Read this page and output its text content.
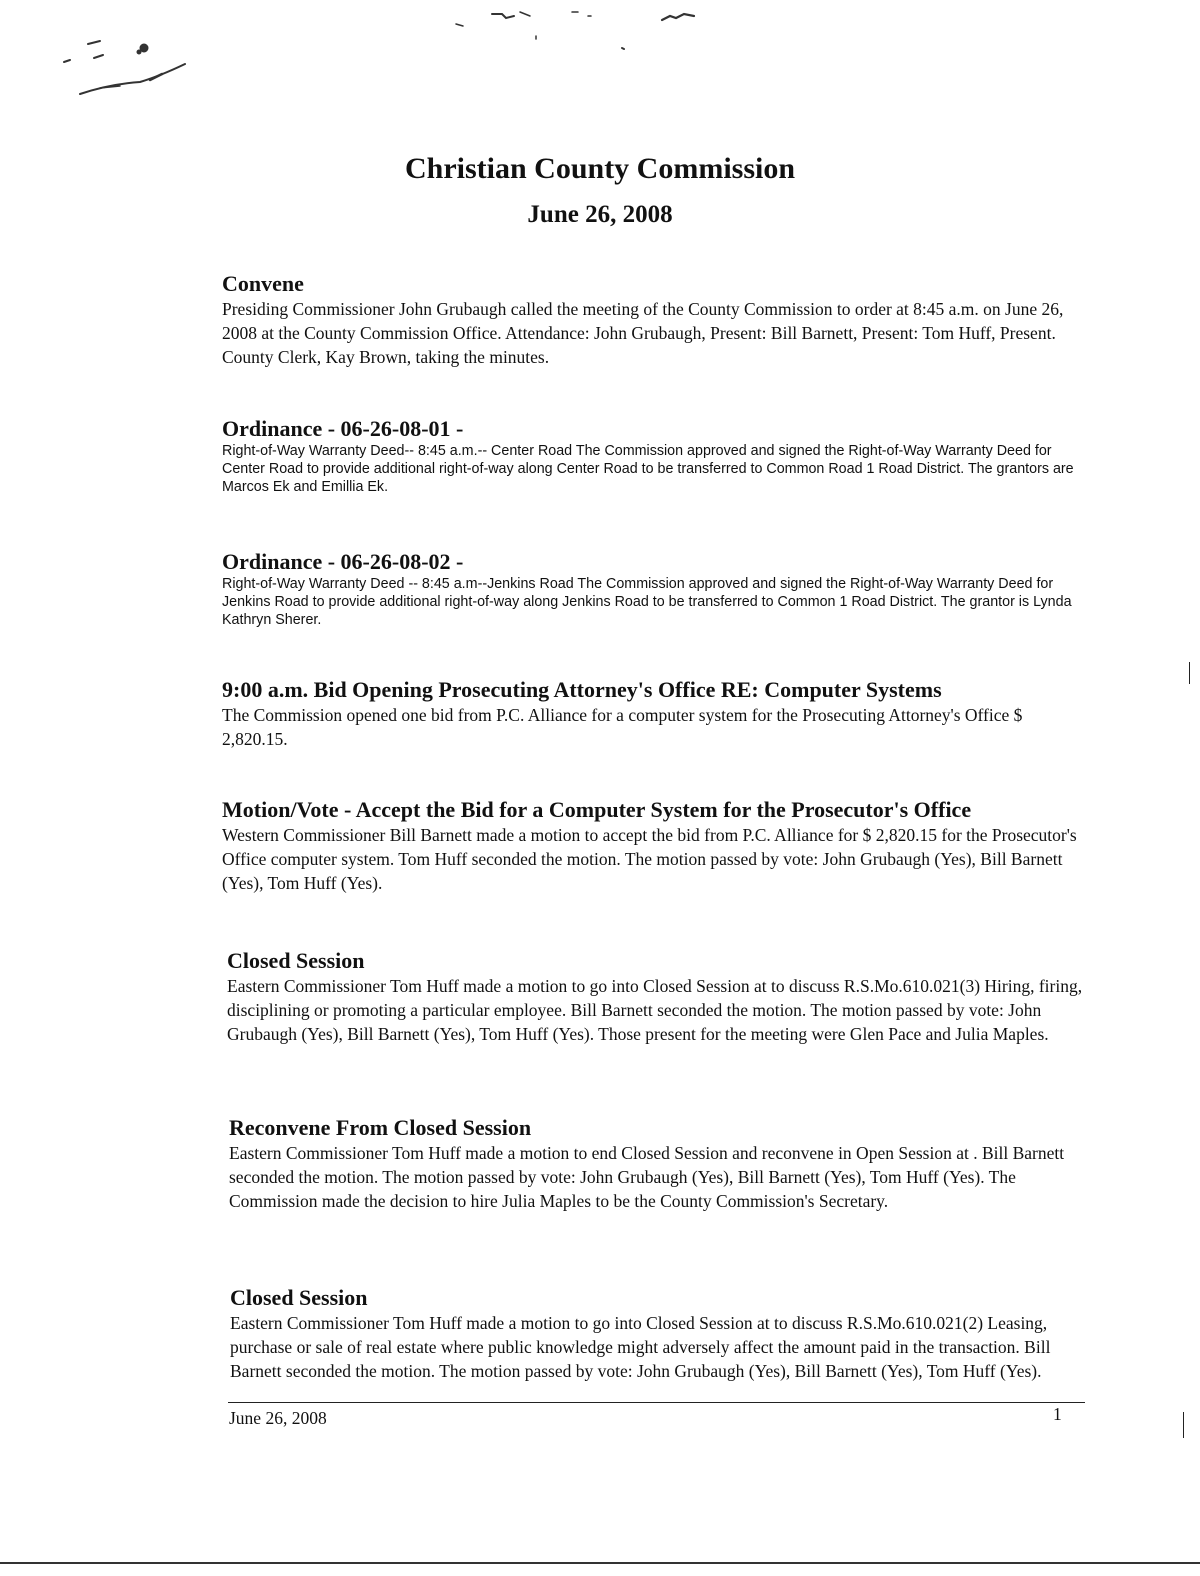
Christian County Commission
June 26, 2008
Convene
Presiding Commissioner John Grubaugh called the meeting of the County Commission to order at 8:45 a.m. on June 26, 2008 at the County Commission Office. Attendance: John Grubaugh, Present: Bill Barnett, Present: Tom Huff, Present. County Clerk, Kay Brown, taking the minutes.
Ordinance - 06-26-08-01 -
Right-of-Way Warranty Deed-- 8:45 a.m.-- Center Road The Commission approved and signed the Right-of-Way Warranty Deed for Center Road to provide additional right-of-way along Center Road to be transferred to Common Road 1 Road District. The grantors are Marcos Ek and Emillia Ek.
Ordinance - 06-26-08-02 -
Right-of-Way Warranty Deed -- 8:45 a.m--Jenkins Road The Commission approved and signed the Right-of-Way Warranty Deed for Jenkins Road to provide additional right-of-way along Jenkins Road to be transferred to Common 1 Road District. The grantor is Lynda Kathryn Sherer.
9:00 a.m. Bid Opening Prosecuting Attorney's Office RE: Computer Systems
The Commission opened one bid from P.C. Alliance for a computer system for the Prosecuting Attorney's Office $ 2,820.15.
Motion/Vote - Accept the Bid for a Computer System for the Prosecutor's Office
Western Commissioner Bill Barnett made a motion to accept the bid from P.C. Alliance for $ 2,820.15 for the Prosecutor's Office computer system. Tom Huff seconded the motion. The motion passed by vote: John Grubaugh (Yes), Bill Barnett (Yes), Tom Huff (Yes).
Closed Session
Eastern Commissioner Tom Huff made a motion to go into Closed Session at to discuss R.S.Mo.610.021(3) Hiring, firing, disciplining or promoting a particular employee. Bill Barnett seconded the motion. The motion passed by vote: John Grubaugh (Yes), Bill Barnett (Yes), Tom Huff (Yes). Those present for the meeting were Glen Pace and Julia Maples.
Reconvene From Closed Session
Eastern Commissioner Tom Huff made a motion to end Closed Session and reconvene in Open Session at . Bill Barnett seconded the motion. The motion passed by vote: John Grubaugh (Yes), Bill Barnett (Yes), Tom Huff (Yes). The Commission made the decision to hire Julia Maples to be the County Commission's Secretary.
Closed Session
Eastern Commissioner Tom Huff made a motion to go into Closed Session at to discuss R.S.Mo.610.021(2) Leasing, purchase or sale of real estate where public knowledge might adversely affect the amount paid in the transaction. Bill Barnett seconded the motion. The motion passed by vote: John Grubaugh (Yes), Bill Barnett (Yes), Tom Huff (Yes).
June 26, 2008	1
